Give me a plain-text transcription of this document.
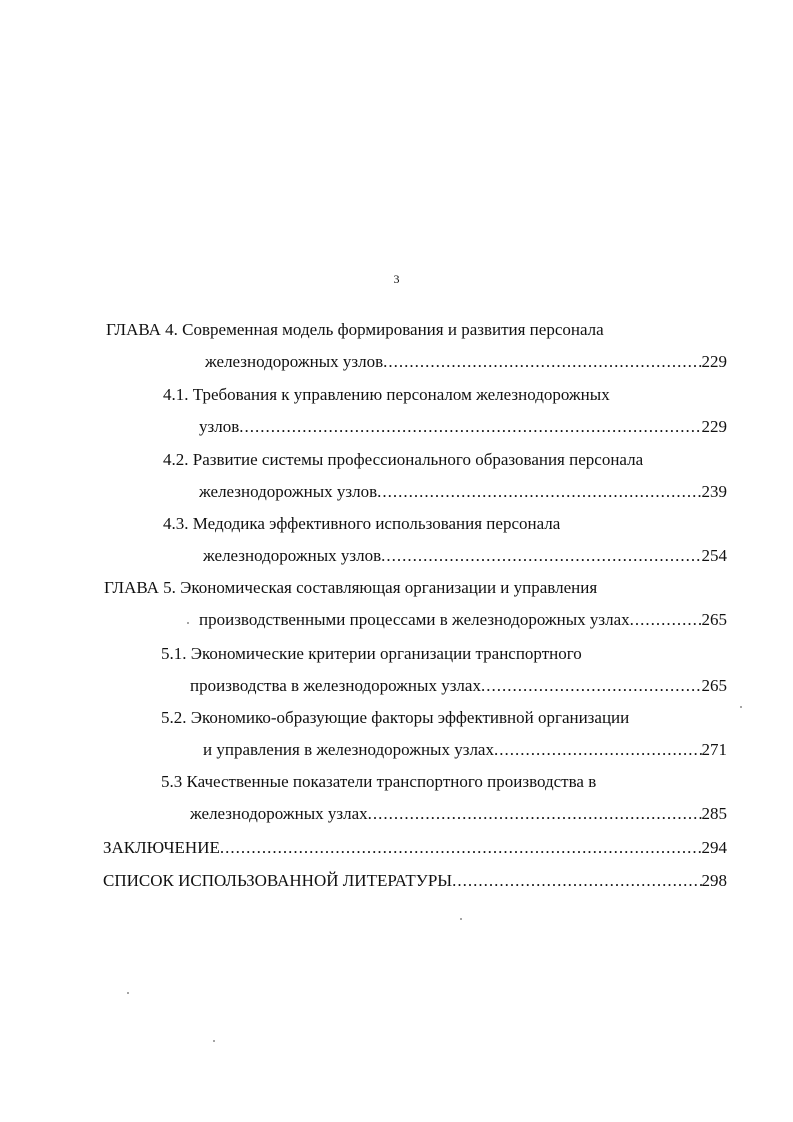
3
ГЛАВА 4. Современная модель формирования и развития персонала
железнодорожных узлов .....	229
4.1. Требования к управлению персоналом железнодорожных
узлов .....	229
4.2. Развитие системы профессионального образования персонала
железнодорожных узлов .....	239
4.3. Медодика эффективного использования персонала
железнодорожных узлов .....	254
ГЛАВА 5. Экономическая составляющая организации и управления
производственными процессами в железнодорожных узлах .....	265
5.1. Экономические критерии организации транспортного
производства в железнодорожных узлах .....	265
5.2. Экономико-образующие факторы эффективной организации
и управления в железнодорожных узлах .....	271
5.3 Качественные показатели транспортного производства в
железнодорожных узлах .....	285
ЗАКЛЮЧЕНИЕ .....	294
СПИСОК ИСПОЛЬЗОВАННОЙ ЛИТЕРАТУРЫ .....	298
